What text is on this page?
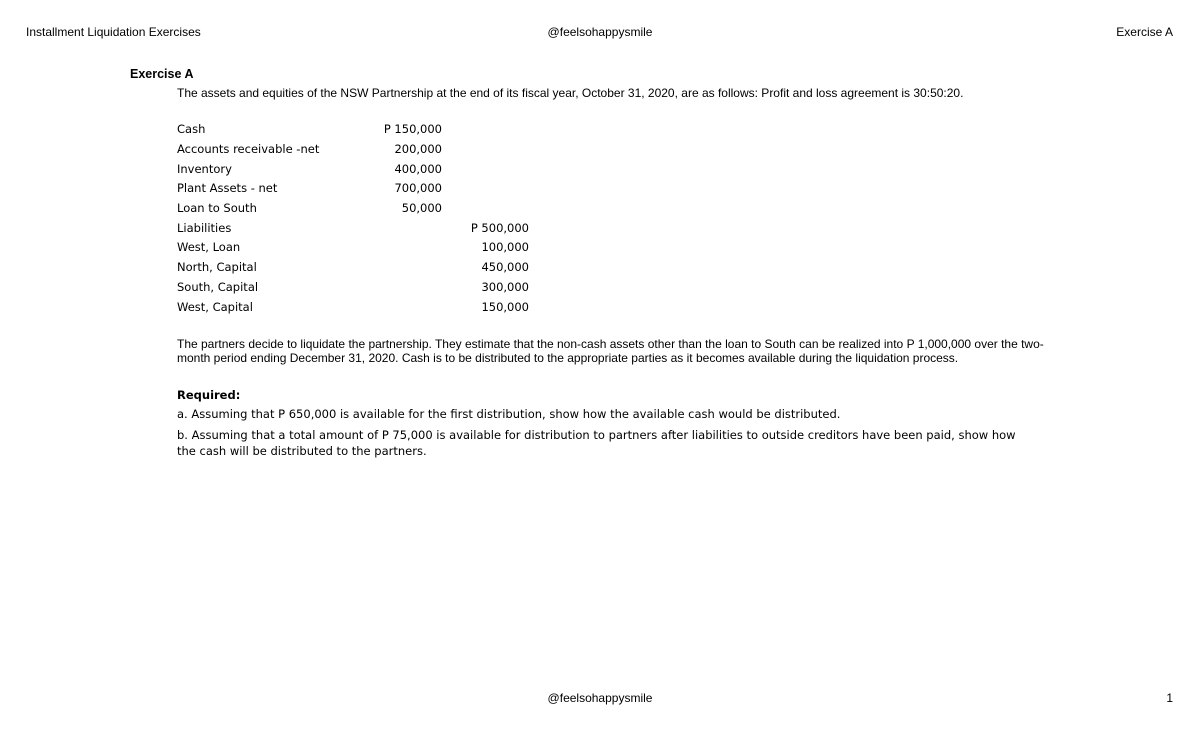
Installment Liquidation Exercises	@feelsohappysmile	Exercise A
Exercise A
The assets and equities of the NSW Partnership at the end of its fiscal year, October 31, 2020, are as follows: Profit and loss agreement is 30:50:20.
Cash	P 150,000
Accounts receivable -net	200,000
Inventory	400,000
Plant Assets - net	700,000
Loan to South	50,000
Liabilities	P 500,000
West, Loan	100,000
North, Capital	450,000
South, Capital	300,000
West, Capital	150,000
The partners decide to liquidate the partnership. They estimate that the non-cash assets other than the loan to South can be realized into P 1,000,000 over the two-month period ending December 31, 2020. Cash is to be distributed to the appropriate parties as it becomes available during the liquidation process.
Required:
a. Assuming that P 650,000 is available for the first distribution, show how the available cash would be distributed.
b. Assuming that a total amount of P 75,000 is available for distribution to partners after liabilities to outside creditors have been paid, show how the cash will be distributed to the partners.
@feelsohappysmile	1
